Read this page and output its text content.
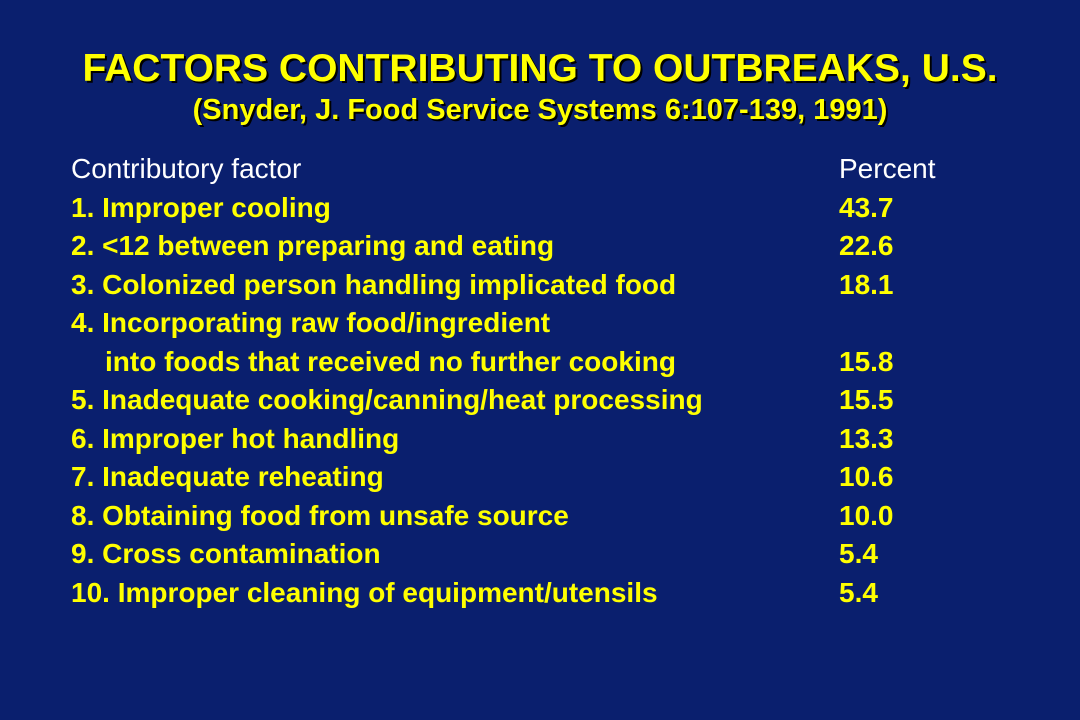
FACTORS CONTRIBUTING TO OUTBREAKS, U.S.
(Snyder, J. Food Service Systems 6:107-139, 1991)
Contributory factor	Percent
1. Improper cooling	43.7
2. <12 between preparing and eating	22.6
3. Colonized person handling implicated food	18.1
4. Incorporating raw food/ingredient
into foods that received no further cooking	15.8
5. Inadequate cooking/canning/heat processing	15.5
6. Improper hot handling	13.3
7. Inadequate reheating	10.6
8. Obtaining food from unsafe source	10.0
9. Cross contamination	5.4
10. Improper cleaning of equipment/utensils	5.4
